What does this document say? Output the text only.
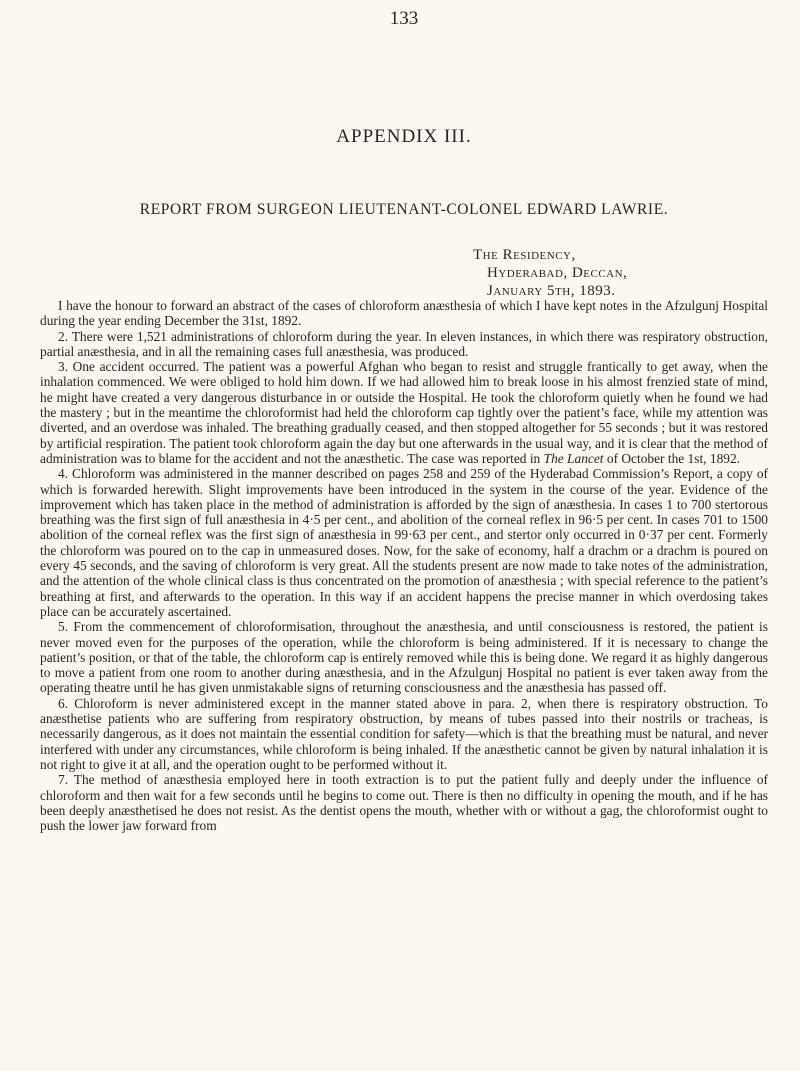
133
APPENDIX III.
REPORT FROM SURGEON LIEUTENANT-COLONEL EDWARD LAWRIE.
The Residency,
Hyderabad, Deccan,
January 5th, 1893.

I have the honour to forward an abstract of the cases of chloroform anæsthesia of which I have kept notes in the Afzulgunj Hospital during the year ending December the 31st, 1892.

2. There were 1,521 administrations of chloroform during the year. In eleven instances, in which there was respiratory obstruction, partial anæsthesia, and in all the remaining cases full anæsthesia, was produced.

3. One accident occurred. The patient was a powerful Afghan who began to resist and struggle frantically to get away, when the inhalation commenced. We were obliged to hold him down. If we had allowed him to break loose in his almost frenzied state of mind, he might have created a very dangerous disturbance in or outside the Hospital. He took the chloroform quietly when he found we had the mastery ; but in the meantime the chloroformist had held the chloroform cap tightly over the patient’s face, while my attention was diverted, and an overdose was inhaled. The breathing gradually ceased, and then stopped altogether for 55 seconds ; but it was restored by artificial respiration. The patient took chloroform again the day but one afterwards in the usual way, and it is clear that the method of administration was to blame for the accident and not the anæsthetic. The case was reported in The Lancet of October the 1st, 1892.

4. Chloroform was administered in the manner described on pages 258 and 259 of the Hyderabad Commission’s Report, a copy of which is forwarded herewith. Slight improvements have been introduced in the system in the course of the year. Evidence of the improvement which has taken place in the method of administration is afforded by the sign of anæsthesia. In cases 1 to 700 stertorous breathing was the first sign of full anæsthesia in 4·5 per cent., and abolition of the corneal reflex in 96·5 per cent. In cases 701 to 1500 abolition of the corneal reflex was the first sign of anæsthesia in 99·63 per cent., and stertor only occurred in 0·37 per cent. Formerly the chloroform was poured on to the cap in unmeasured doses. Now, for the sake of economy, half a drachm or a drachm is poured on every 45 seconds, and the saving of chloroform is very great. All the students present are now made to take notes of the administration, and the attention of the whole clinical class is thus concentrated on the promotion of anæsthesia ; with special reference to the patient’s breathing at first, and afterwards to the operation. In this way if an accident happens the precise manner in which overdosing takes place can be accurately ascertained.

5. From the commencement of chloroformisation, throughout the anæsthesia, and until consciousness is restored, the patient is never moved even for the purposes of the operation, while the chloroform is being administered. If it is necessary to change the patient’s position, or that of the table, the chloroform cap is entirely removed while this is being done. We regard it as highly dangerous to move a patient from one room to another during anæsthesia, and in the Afzulgunj Hospital no patient is ever taken away from the operating theatre until he has given unmistakable signs of returning consciousness and the anæsthesia has passed off.

6. Chloroform is never administered except in the manner stated above in para. 2, when there is respiratory obstruction. To anæsthetise patients who are suffering from respiratory obstruction, by means of tubes passed into their nostrils or tracheas, is necessarily dangerous, as it does not maintain the essential condition for safety—which is that the breathing must be natural, and never interfered with under any circumstances, while chloroform is being inhaled. If the anæsthetic cannot be given by natural inhalation it is not right to give it at all, and the operation ought to be performed without it.

7. The method of anæsthesia employed here in tooth extraction is to put the patient fully and deeply under the influence of chloroform and then wait for a few seconds until he begins to come out. There is then no difficulty in opening the mouth, and if he has been deeply anæsthetised he does not resist. As the dentist opens the mouth, whether with or without a gag, the chloroformist ought to push the lower jaw forward from
